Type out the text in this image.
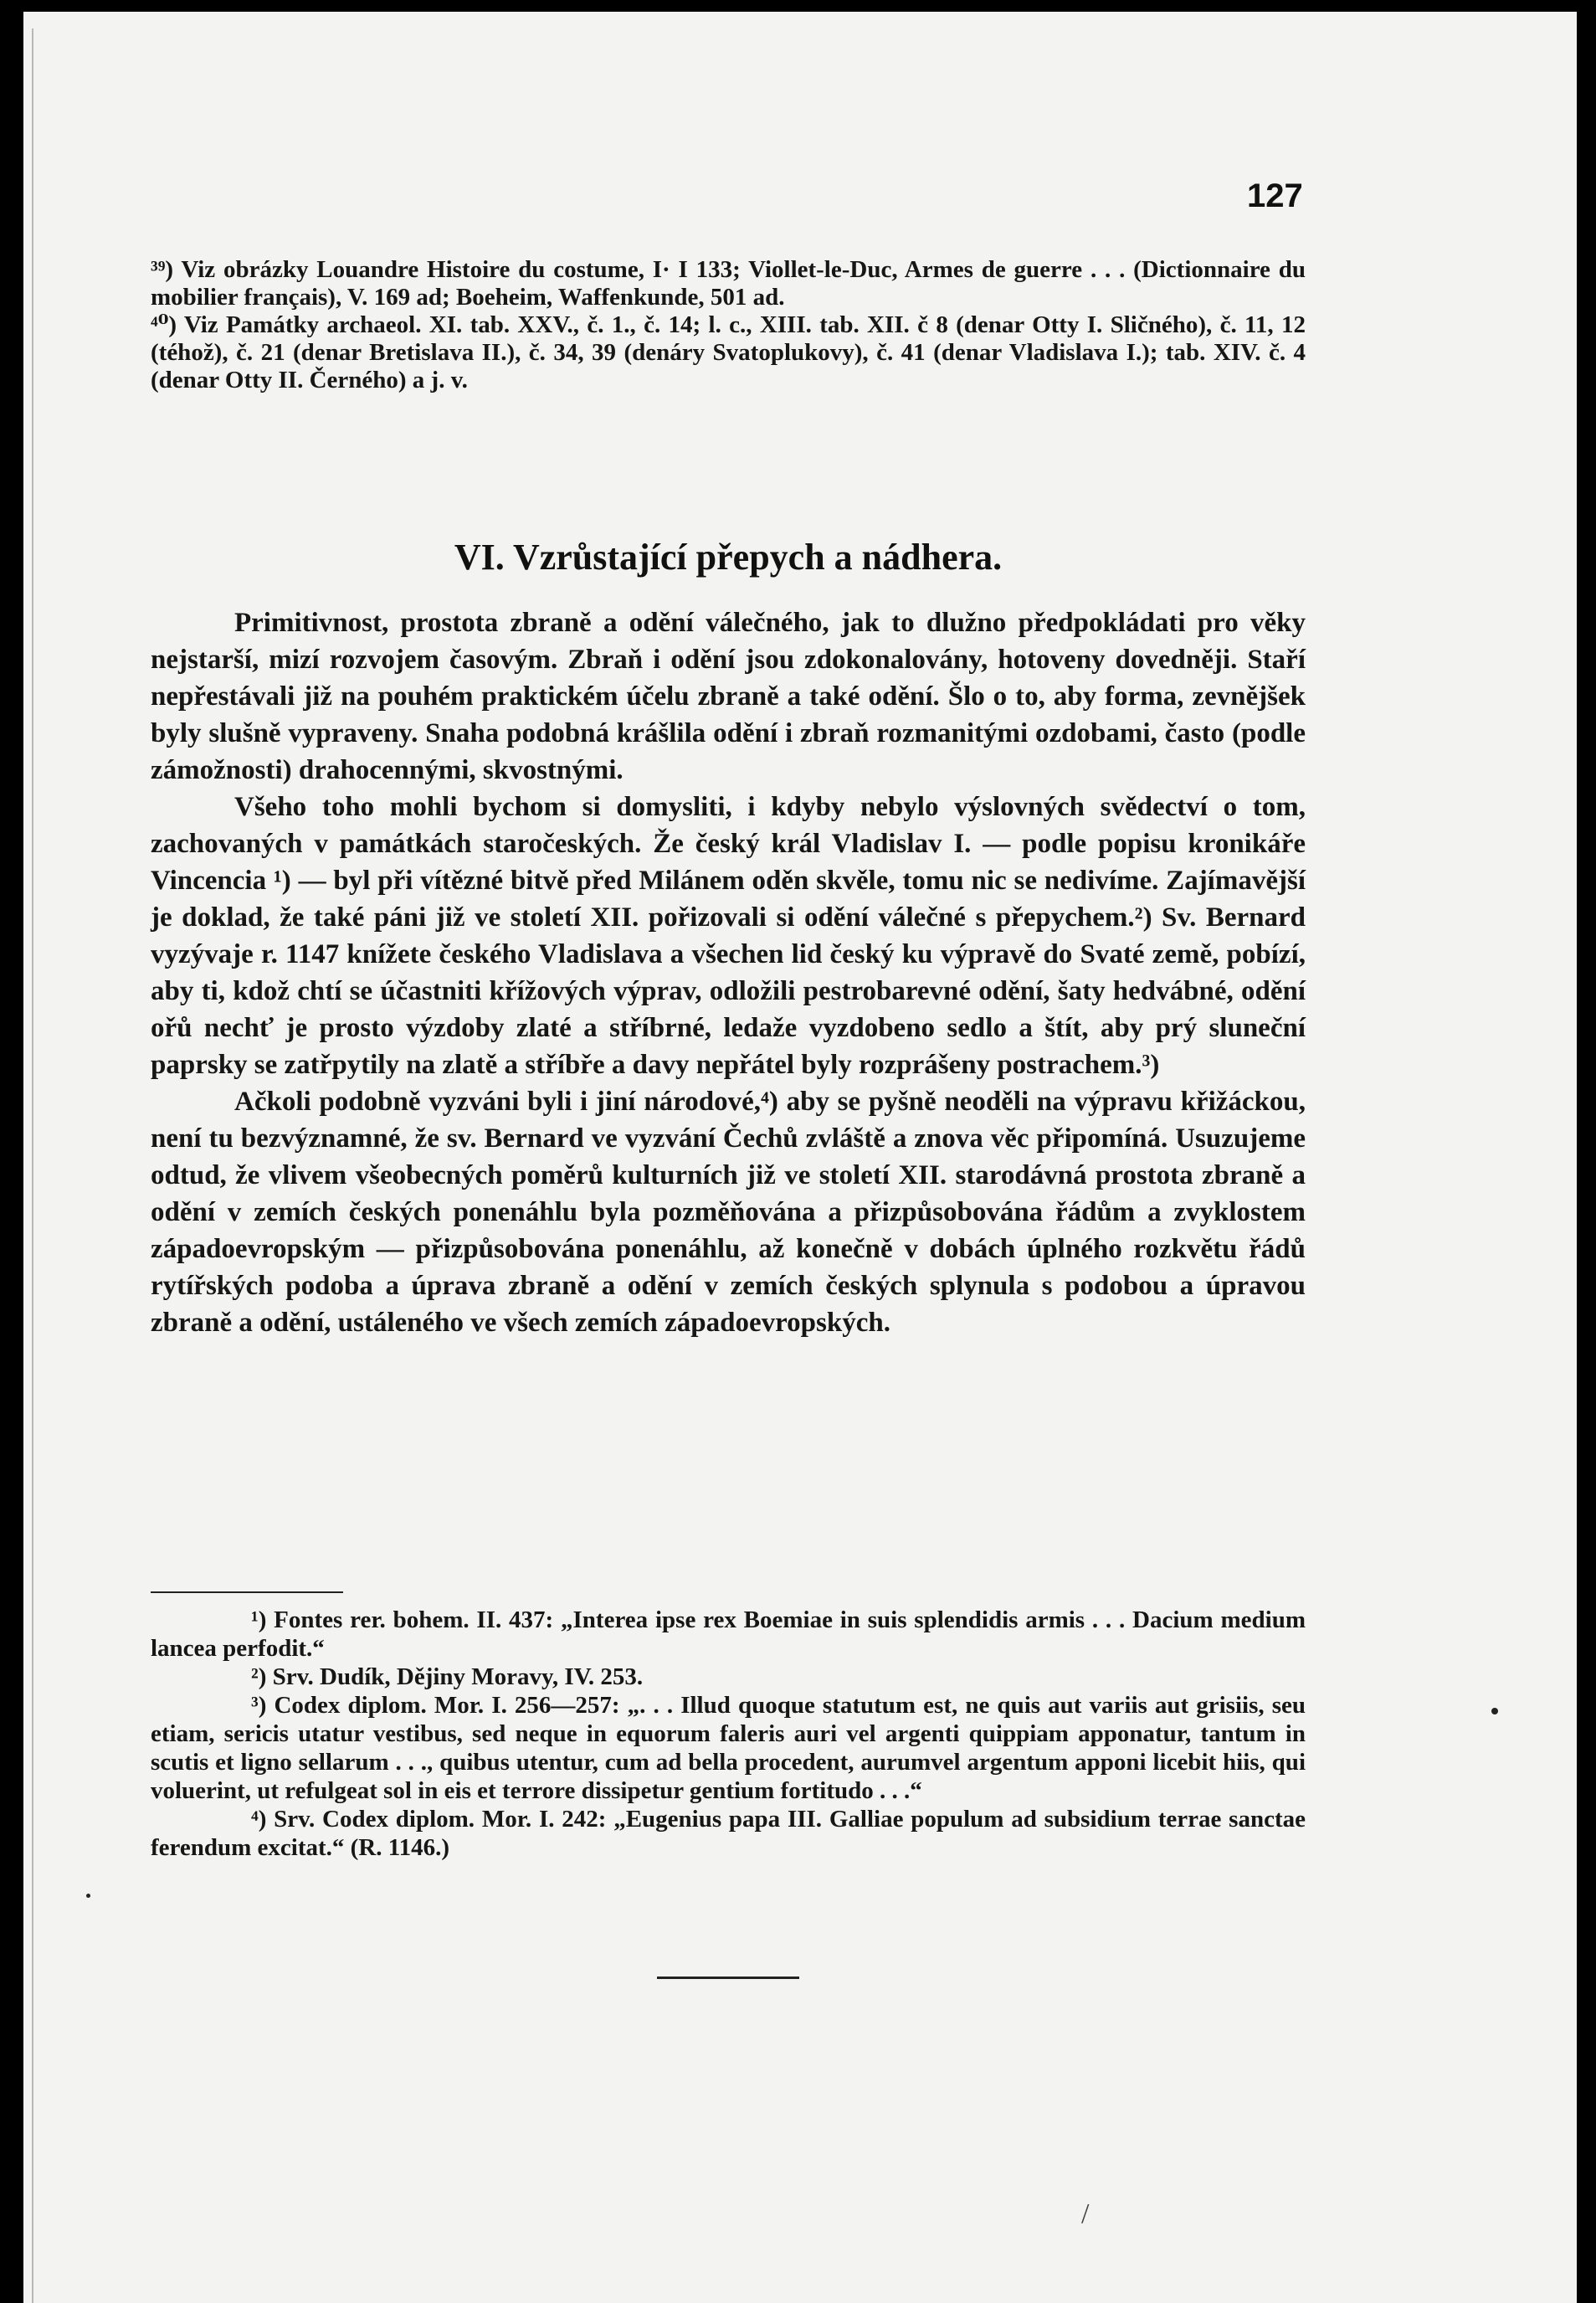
127

³⁹) Viz obrázky Louandre Histoire du costume, I· I 133; Viollet-le-Duc, Armes de guerre . . . (Dictionnaire du mobilier français), V. 169 ad; Boeheim, Waffenkunde, 501 ad.

⁴⁰) Viz Památky archaeol. XI. tab. XXV., č. 1., č. 14; l. c., XIII. tab. XII. č 8 (denar Otty I. Sličného), č. 11, 12 (téhož), č. 21 (denar Bretislava II.), č. 34, 39 (denáry Svatoplukovy), č. 41 (denar Vladislava I.); tab. XIV. č. 4 (denar Otty II. Černého) a j. v.

VI. Vzrůstající přepych a nádhera.

Primitivnost, prostota zbraně a odění válečného, jak to dlužno předpokládati pro věky nejstarší, mizí rozvojem časovým. Zbraň i odění jsou zdokonalovány, hotoveny dovedněji. Staří nepřestávali již na pouhém praktickém účelu zbraně a také odění. Šlo o to, aby forma, zevnějšek byly slušně vypraveny. Snaha podobná krášlila odění i zbraň rozmanitými ozdobami, často (podle zámožnosti) drahocennými, skvostnými.

Všeho toho mohli bychom si domysliti, i kdyby nebylo výslovných svědectví o tom, zachovaných v památkách staročeských. Že český král Vladislav I. — podle popisu kronikáře Vincencia ¹) — byl při vítězné bitvě před Milánem oděn skvěle, tomu nic se nedivíme. Zajímavější je doklad, že také páni již ve století XII. pořizovali si odění válečné s přepychem.²) Sv. Bernard vyzývaje r. 1147 knížete českého Vladislava a všechen lid český ku výpravě do Svaté země, pobízí, aby ti, kdož chtí se účastniti křížových výprav, odložili pestrobarevné odění, šaty hedvábné, odění ořů nechť je prosto výzdoby zlaté a stříbrné, ledaže vyzdobeno sedlo a štít, aby prý sluneční paprsky se zatřpytily na zlatě a stříbře a davy nepřátel byly rozprášeny postrachem.³)

Ačkoli podobně vyzváni byli i jiní národové,⁴) aby se pyšně neoděli na výpravu křižáckou, není tu bezvýznamné, že sv. Bernard ve vyzvání Čechů zvláště a znova věc připomíná. Usuzujeme odtud, že vlivem všeobecných poměrů kulturních již ve století XII. starodávná prostota zbraně a odění v zemích českých ponenáhlu byla pozměňována a přizpůsobována řádům a zvyklostem západoevropským — přizpůsobována ponenáhlu, až konečně v dobách úplného rozkvětu řádů rytířských podoba a úprava zbraně a odění v zemích českých splynula s podobou a úpravou zbraně a odění, ustáleného ve všech zemích západoevropských.

¹) Fontes rer. bohem. II. 437: „Interea ipse rex Boemiae in suis splendidis armis . . . Dacium medium lancea perfodit.“

²) Srv. Dudík, Dějiny Moravy, IV. 253.

³) Codex diplom. Mor. I. 256—257: „. . . Illud quoque statutum est, ne quis aut variis aut grisiis, seu etiam, sericis utatur vestibus, sed neque in equorum faleris auri vel argenti quippiam apponatur, tantum in scutis et ligno sellarum . . ., quibus utentur, cum ad bella procedent, aurumvel argentum apponi licebit hiis, qui voluerint, ut refulgeat sol in eis et terrore dissipetur gentium fortitudo . . .“

⁴) Srv. Codex diplom. Mor. I. 242: „Eugenius papa III. Galliae populum ad subsidium terrae sanctae ferendum excitat.“ (R. 1146.)

/
